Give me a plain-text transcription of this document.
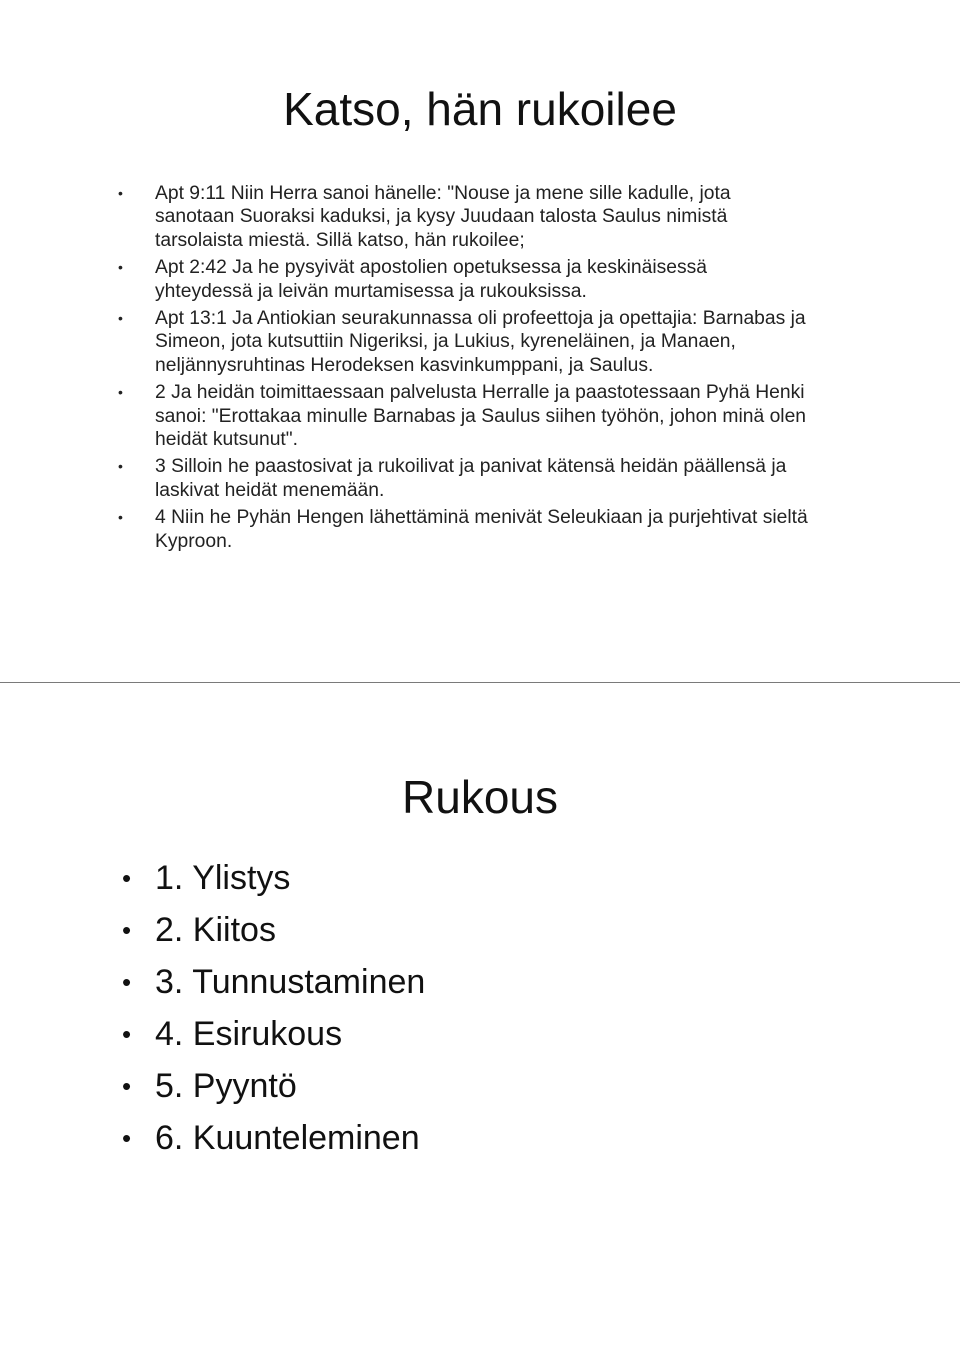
Katso, hän rukoilee
• Apt 9:11 Niin Herra sanoi hänelle: "Nouse ja mene sille kadulle, jota sanotaan Suoraksi kaduksi, ja kysy Juudaan talosta Saulus nimistä tarsolaista miestä. Sillä katso, hän rukoilee;
• Apt 2:42 Ja he pysyivät apostolien opetuksessa ja keskinäisessä yhteydessä ja leivän murtamisessa ja rukouksissa.
• Apt 13:1 Ja Antiokian seurakunnassa oli profeettoja ja opettajia: Barnabas ja Simeon, jota kutsuttiin Nigeriksi, ja Lukius, kyreneläinen, ja Manaen, neljännysruhtinas Herodeksen kasvinkumppani, ja Saulus.
• 2 Ja heidän toimittaessaan palvelusta Herralle ja paastotessaan Pyhä Henki sanoi: "Erottakaa minulle Barnabas ja Saulus siihen työhön, johon minä olen heidät kutsunut".
• 3 Silloin he paastosivat ja rukoilivat ja panivat kätensä heidän päällensä ja laskivat heidät menemään.
• 4 Niin he Pyhän Hengen lähettäminä menivät Seleukiaan ja purjehtivat sieltä Kyproon.
Rukous
• 1. Ylistys
• 2. Kiitos
• 3. Tunnustaminen
• 4. Esirukous
• 5. Pyyntö
• 6. Kuunteleminen
